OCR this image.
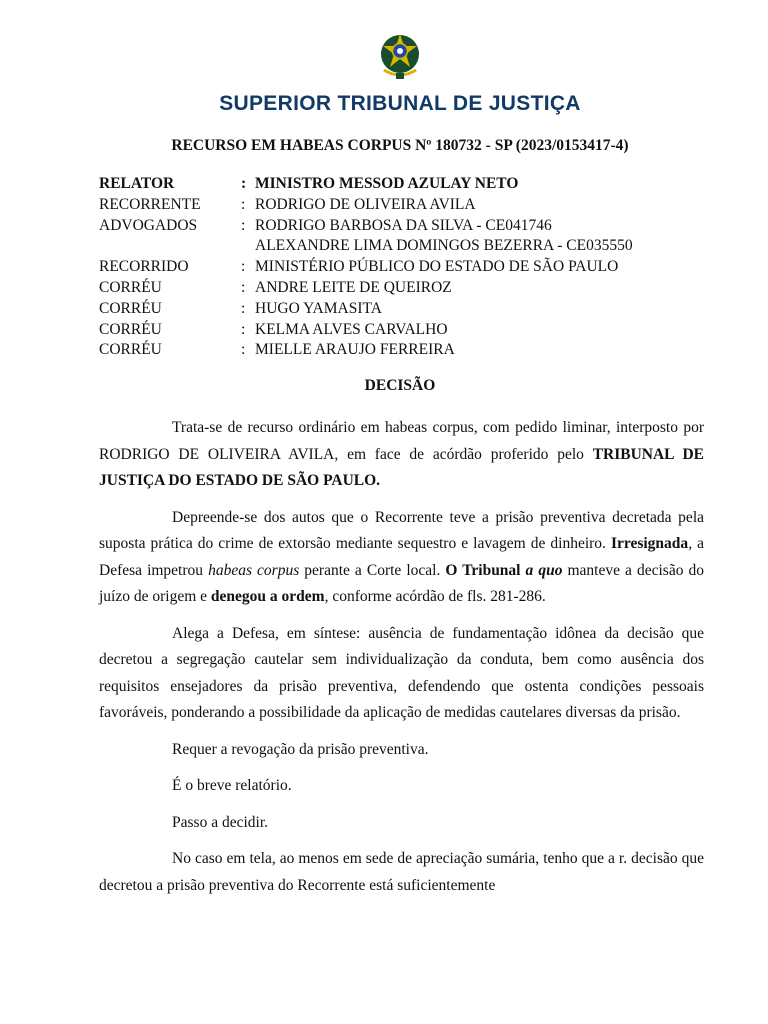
SUPERIOR TRIBUNAL DE JUSTIÇA
RECURSO EM HABEAS CORPUS Nº 180732 - SP (2023/0153417-4)
RELATOR	: MINISTRO MESSOD AZULAY NETO
RECORRENTE	: RODRIGO DE OLIVEIRA AVILA
ADVOGADOS	: RODRIGO BARBOSA DA SILVA - CE041746
ALEXANDRE LIMA DOMINGOS BEZERRA - CE035550
RECORRIDO	: MINISTÉRIO PÚBLICO DO ESTADO DE SÃO PAULO
CORRÉU	: ANDRE LEITE DE QUEIROZ
CORRÉU	: HUGO YAMASITA
CORRÉU	: KELMA ALVES CARVALHO
CORRÉU	: MIELLE ARAUJO FERREIRA
DECISÃO

Trata-se de recurso ordinário em habeas corpus, com pedido liminar, interposto por RODRIGO DE OLIVEIRA AVILA, em face de acórdão proferido pelo TRIBUNAL DE JUSTIÇA DO ESTADO DE SÃO PAULO.

Depreende-se dos autos que o Recorrente teve a prisão preventiva decretada pela suposta prática do crime de extorsão mediante sequestro e lavagem de dinheiro. Irresignada, a Defesa impetrou habeas corpus perante a Corte local. O Tribunal a quo manteve a decisão do juízo de origem e denegou a ordem, conforme acórdão de fls. 281-286.

Alega a Defesa, em síntese: ausência de fundamentação idônea da decisão que decretou a segregação cautelar sem individualização da conduta, bem como ausência dos requisitos ensejadores da prisão preventiva, defendendo que ostenta condições pessoais favoráveis, ponderando a possibilidade da aplicação de medidas cautelares diversas da prisão.

Requer a revogação da prisão preventiva.

É o breve relatório.

Passo a decidir.

No caso em tela, ao menos em sede de apreciação sumária, tenho que a r. decisão que decretou a prisão preventiva do Recorrente está suficientemente
